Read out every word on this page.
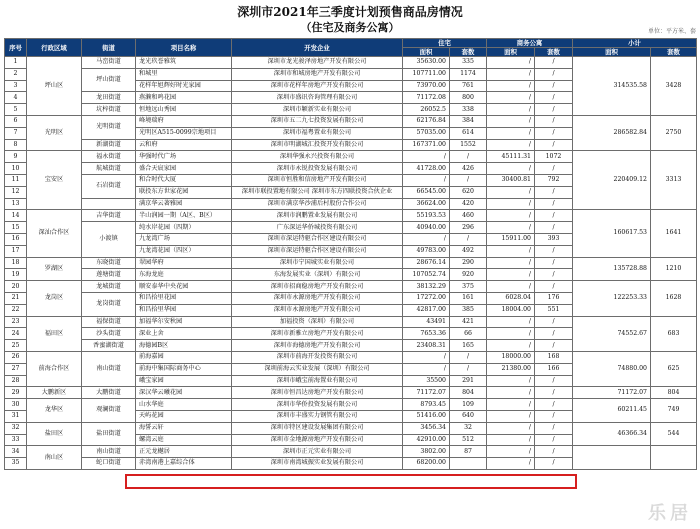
深圳市2021年三季度计划预售商品房情况
（住宅及商务公寓）	单位：平方米、套
序号	行政区域	街道	项目名称	开发企业	住宅		商务公寓		小计	
					面积	套数	面积	套数	面积	套数
1	坪山区	马峦街道	龙光玖誉雅筑	深圳市龙光骏泽房地产开发有限公司	35630.00	335	/	/	314535.58	3428
2		坪山街道	和城里	深圳市和城房地产开发有限公司	107711.00	1174	/	/		
3			花样年旭辉好时光家园	深圳市花样年房地产开发有限公司	73970.00	761	/	/		
4		龙田街道	燕濑和鸣花园	深圳市盛讯咨询管理有限公司	71172.08	800	/	/		
5		坑梓街道	恒地远山秀园	深圳市颖新实业有限公司	26052.5	338	/	/		
6	光明区	光明街道	峰境瑞府	深圳市五二九七投资发展有限公司	62176.84	384	/	/	286582.84	2750
7			光明区A515-0099宗地项目	深圳市福粤置业有限公司	57035.00	614	/	/		
8		新湖街道	云和府	深圳市明湖城汇投资开发有限公司	167371.00	1552	/	/		
9	宝安区	福永街道	华强时代广场	深圳华强永兴投资有限公司	/	/	45111.31	1072	220409.12	3313
10		航城街道	盛合天宸家园	深圳市永锐投资发展有限公司	41728.00	426	/	/		
11		石岩街道	和合时代大厦	深圳市恒胜和信房地产开发有限公司	/	/	30400.81	792		
12			联投东方世家花园	深圳市联投置地有限公司 深圳市东方四联投资合伙企业	66545.00	620	/	/		
13			满京华云著雅园	深圳市满京华沙浦后村股份合作公司	36624.00	420	/	/		
14	深汕合作区	吉华街道	半山润园一期（A区、B区）	深圳市润鹏置业发展有限公司	55193.53	460	/	/	160617.53	1641
15		小渡镇	纯水岸花园（四期）	广东深运华侨城投资有限公司	40940.00	296	/	/		
16			九龙湾广场	深圳市深运特驱合作区建设有限公司	/	/	15911.00	393		
17			九龙湾花园（四区）	深圳市深运特驱合作区建设有限公司	49783.00	492	/	/		
18	罗湖区	东晓街道	翠园华府	深圳市宁国城实业有限公司	28676.14	290	/	/	135728.88	1210
19		莲塘街道	东海龙庭	东海发展实业（深圳）有限公司	107052.74	920	/	/		
20	龙岗区	龙城街道	顺安泰华中央花园	深圳市招商稳房地产开发有限公司	38132.29	375	/	/	122253.33	1628
21		龙岗街道	和昌拾里花园	深圳市永源房地产开发有限公司	17272.00	161	6028.04	176		
22			和昌拾里华园	深圳市永源房地产开发有限公司	42817.00	385	18004.00	551		
23	福田区	福保街道	加福华尔安秋园	加福投资（深圳）有限公司	43491	421	/	/	74552.67	683
24		沙头街道	深业上舍	深圳市新雅立房地产开发有限公司	7653.36	66	/	/		
25		香蜜湖街道	海德园B区	深圳市海德房地产开发有限公司	23408.31	165	/	/		
26	前海合作区	南山街道	前海嘉园	深圳市前海开发投资有限公司	/	/	18000.00	168	74880.00	625
27			前海中集国际商务中心	深圳前海云实业发展（深圳）有限公司	/	/	21380.00	166		
28			峨宝家园	深圳市峨宝前海置业有限公司	35500	291	/	/		
29	大鹏新区	大鹏街道	深汉华云曦花园	深圳市恒昌达房地产开发有限公司	71172.07	804	/	/	71172.07	804
30	龙华区	观澜街道	山水华庭	深圳市华侨投资发展有限公司	8793.45	109	/	/	60211.45	749
31			天屿花园	深圳市丰盛实力钢管有限公司	51416.00	640	/	/		
32	盐田区	盐田街道	海誓云轩	深圳市特区建设发展集团有限公司	3456.34	32	/	/	46366.34	544
33			螺湾云庭	深圳市金地源房地产开发有限公司	42910.00	512	/	/		
34	南山区	南山街道	正元龙樾居	深圳市正元实业有限公司	3802.00	87	/	/		
35		蛇口街道	赤湾南港上嘉综合体	深圳市南湾城振实业发展有限公司	68200.00		/	/		
乐居
